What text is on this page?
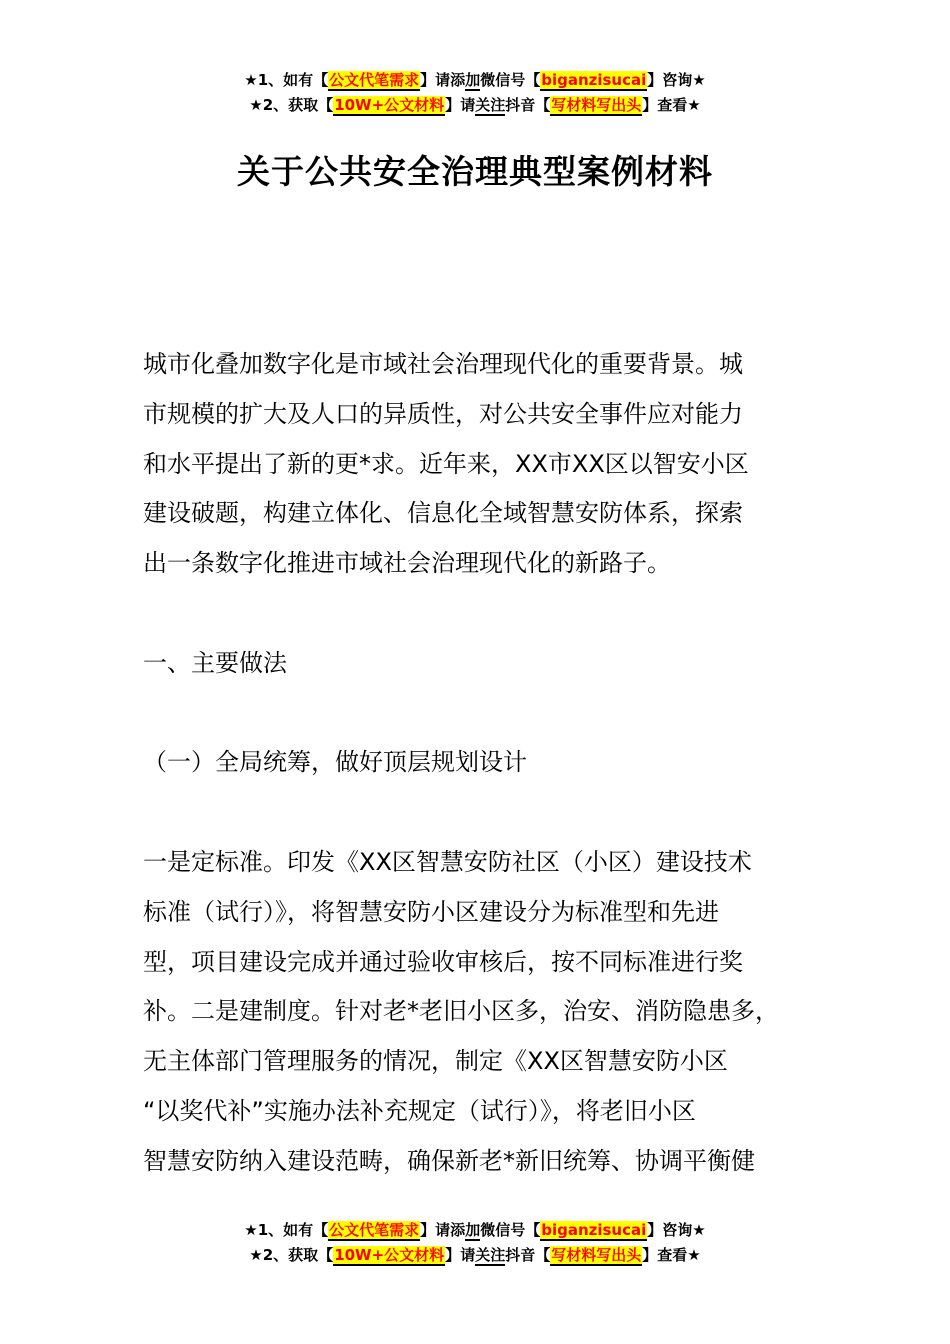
★1、如有【公文代笔需求】请添加微信号【biganzisucai】咨询★
★2、获取【10W+公文材料】请关注抖音【写材料写出头】查看★
关于公共安全治理典型案例材料

城市化叠加数字化是市域社会治理现代化的重要背景。城

市规模的扩大及人口的异质性，对公共安全事件应对能力

和水平提出了新的更*求。近年来，XX市XX区以智安小区

建设破题，构建立体化、信息化全域智慧安防体系，探索

出一条数字化推进市域社会治理现代化的新路子。

一、主要做法

（一）全局统筹，做好顶层规划设计

一是定标准。印发《XX区智慧安防社区（小区）建设技术

标准（试行）》，将智慧安防小区建设分为标准型和先进

型，项目建设完成并通过验收审核后，按不同标准进行奖

补。二是建制度。针对老*老旧小区多，治安、消防隐患多，

无主体部门管理服务的情况，制定《XX区智慧安防小区

“以奖代补”实施办法补充规定（试行）》，将老旧小区

智慧安防纳入建设范畴，确保新老*新旧统筹、协调平衡健

★1、如有【公文代笔需求】请添加微信号【biganzisucai】咨询★
★2、获取【10W+公文材料】请关注抖音【写材料写出头】查看★
